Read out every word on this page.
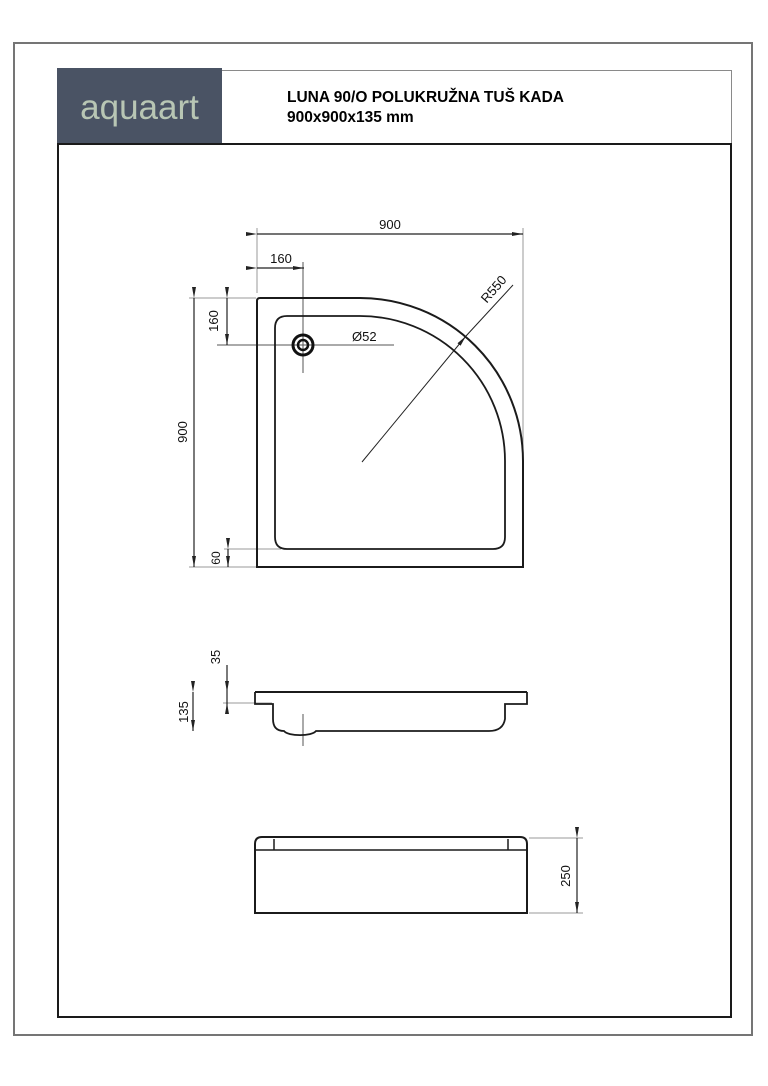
aquaart	LUNA 90/O POLUKRUŽNA TUŠ KADA
900x900x135 mm
900
160
160
900
60
Ø52
R550
35
135
250
